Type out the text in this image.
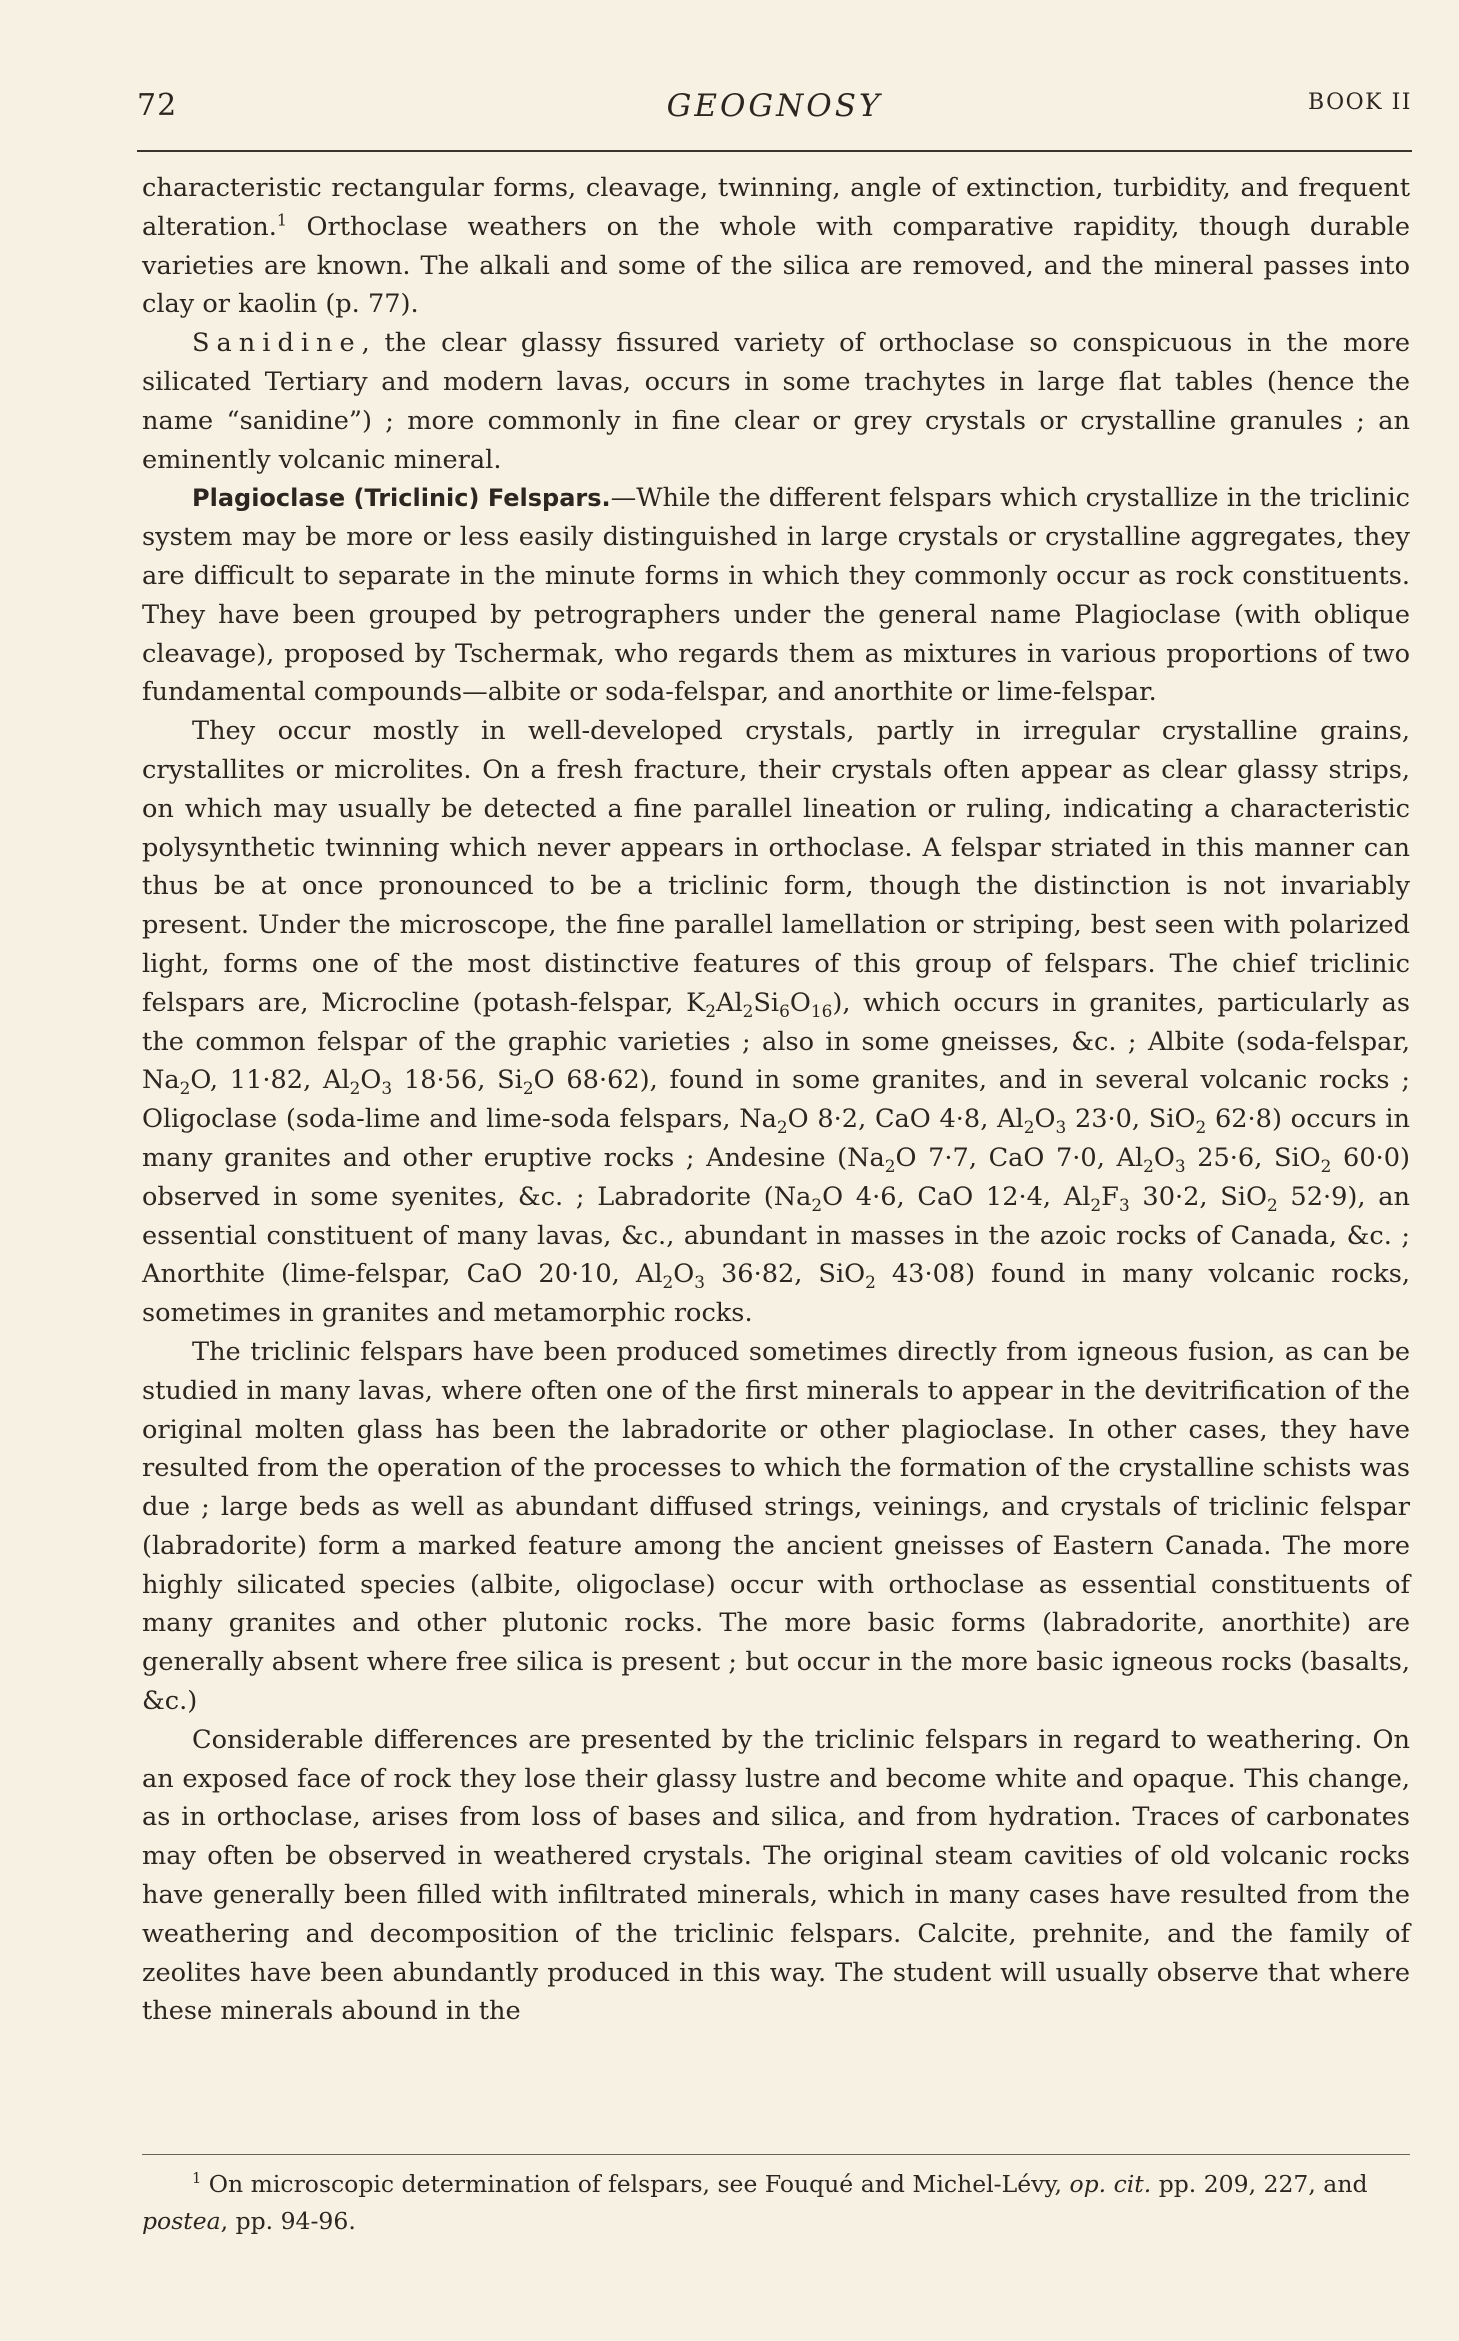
72	GEOGNOSY	BOOK II

characteristic rectangular forms, cleavage, twinning, angle of extinction, turbidity, and frequent alteration.$^1$ Orthoclase weathers on the whole with comparative rapidity, though durable varieties are known. The alkali and some of the silica are removed, and the mineral passes into clay or kaolin (p. 77).

Sanidine, the clear glassy fissured variety of orthoclase so conspicuous in the more silicated Tertiary and modern lavas, occurs in some trachytes in large flat tables (hence the name “sanidine”) ; more commonly in fine clear or grey crystals or crystalline granules ; an eminently volcanic mineral.

Plagioclase (Triclinic) Felspars.—While the different felspars which crystallize in the triclinic system may be more or less easily distinguished in large crystals or crystalline aggregates, they are difficult to separate in the minute forms in which they commonly occur as rock constituents. They have been grouped by petrographers under the general name Plagioclase (with oblique cleavage), proposed by Tschermak, who regards them as mixtures in various proportions of two fundamental compounds—albite or soda-felspar, and anorthite or lime-felspar.

They occur mostly in well-developed crystals, partly in irregular crystalline grains, crystallites or microlites. On a fresh fracture, their crystals often appear as clear glassy strips, on which may usually be detected a fine parallel lineation or ruling, indicating a characteristic polysynthetic twinning which never appears in orthoclase. A felspar striated in this manner can thus be at once pronounced to be a triclinic form, though the distinction is not invariably present. Under the microscope, the fine parallel lamellation or striping, best seen with polarized light, forms one of the most distinctive features of this group of felspars. The chief triclinic felspars are, Microcline (potash-felspar, $K_2Al_2Si_6O_{16}$), which occurs in granites, particularly as the common felspar of the graphic varieties ; also in some gneisses, &c. ; Albite (soda-felspar, $Na_2O$, 11·82, $Al_2O_3$ 18·56, $Si_2O$ 68·62), found in some granites, and in several volcanic rocks ; Oligoclase (soda-lime and lime-soda felspars, $Na_2O$ 8·2, CaO 4·8, $Al_2O_3$ 23·0, SiO$_2$ 62·8) occurs in many granites and other eruptive rocks ; Andesine ($Na_2O$ 7·7, CaO 7·0, $Al_2O_3$ 25·6, SiO$_2$ 60·0) observed in some syenites, &c. ; Labradorite ($Na_2O$ 4·6, CaO 12·4, $Al_2F_3$ 30·2, SiO$_2$ 52·9), an essential constituent of many lavas, &c., abundant in masses in the azoic rocks of Canada, &c. ; Anorthite (lime-felspar, CaO 20·10, $Al_2O_3$ 36·82, SiO$_2$ 43·08) found in many volcanic rocks, sometimes in granites and metamorphic rocks.

The triclinic felspars have been produced sometimes directly from igneous fusion, as can be studied in many lavas, where often one of the first minerals to appear in the devitrification of the original molten glass has been the labradorite or other plagioclase. In other cases, they have resulted from the operation of the processes to which the formation of the crystalline schists was due ; large beds as well as abundant diffused strings, veinings, and crystals of triclinic felspar (labradorite) form a marked feature among the ancient gneisses of Eastern Canada. The more highly silicated species (albite, oligoclase) occur with orthoclase as essential constituents of many granites and other plutonic rocks. The more basic forms (labradorite, anorthite) are generally absent where free silica is present ; but occur in the more basic igneous rocks (basalts, &c.)

Considerable differences are presented by the triclinic felspars in regard to weathering. On an exposed face of rock they lose their glassy lustre and become white and opaque. This change, as in orthoclase, arises from loss of bases and silica, and from hydration. Traces of carbonates may often be observed in weathered crystals. The original steam cavities of old volcanic rocks have generally been filled with infiltrated minerals, which in many cases have resulted from the weathering and decomposition of the triclinic felspars. Calcite, prehnite, and the family of zeolites have been abundantly produced in this way. The student will usually observe that where these minerals abound in the

$^1$ On microscopic determination of felspars, see Fouqué and Michel-Lévy, op. cit. pp. 209, 227, and postea, pp. 94-96.
